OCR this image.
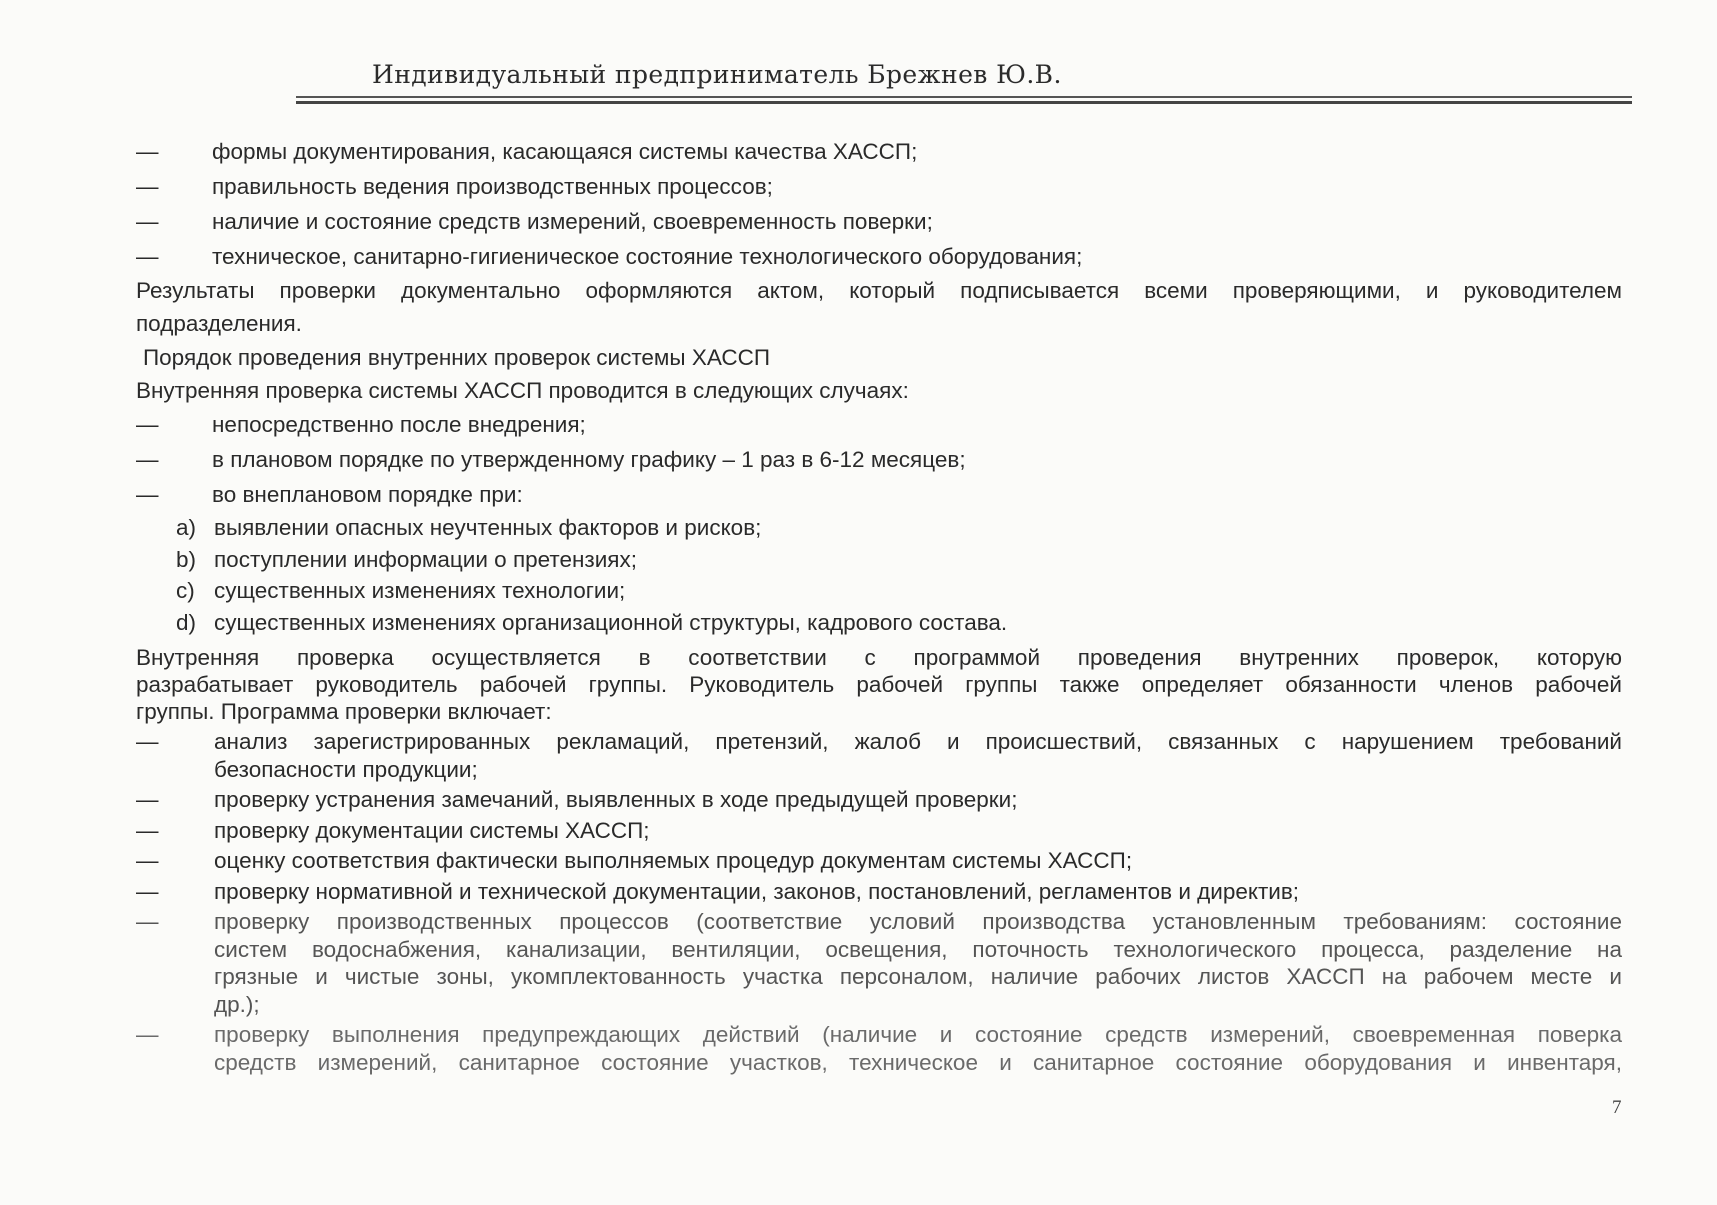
Индивидуальный предприниматель Брежнев Ю.В.
—	формы документирования, касающаяся системы качества ХАССП;
—	правильность ведения производственных процессов;
—	наличие и состояние средств измерений, своевременность поверки;
—	техническое, санитарно-гигиеническое состояние технологического оборудования;
Результаты проверки документально оформляются актом, который подписывается всеми проверяющими, и руководителем
подразделения.
Порядок проведения внутренних проверок системы ХАССП
Внутренняя проверка системы ХАССП проводится в следующих случаях:
—	непосредственно после внедрения;
—	в плановом порядке по утвержденному графику – 1 раз в 6-12 месяцев;
—	во внеплановом порядке при:
a) выявлении опасных неучтенных факторов и рисков;
b) поступлении информации о претензиях;
c) существенных изменениях технологии;
d) существенных изменениях организационной структуры, кадрового состава.
Внутренняя проверка осуществляется в соответствии с программой проведения внутренних проверок, которую
разрабатывает руководитель рабочей группы. Руководитель рабочей группы также определяет обязанности членов рабочей
группы. Программа проверки включает:
—	анализ зарегистрированных рекламаций, претензий, жалоб и происшествий, связанных с нарушением требований
безопасности продукции;
—	проверку устранения замечаний, выявленных в ходе предыдущей проверки;
—	проверку документации системы ХАССП;
—	оценку соответствия фактически выполняемых процедур документам системы ХАССП;
—	проверку нормативной и технической документации, законов, постановлений, регламентов и директив;
—	проверку производственных процессов (соответствие условий производства установленным требованиям: состояние
систем водоснабжения, канализации, вентиляции, освещения, поточность технологического процесса, разделение на
грязные и чистые зоны, укомплектованность участка персоналом, наличие рабочих листов ХАССП на рабочем месте и
др.);
—	проверку выполнения предупреждающих действий (наличие и состояние средств измерений, своевременная поверка
средств измерений, санитарное состояние участков, техническое и санитарное состояние оборудования и инвентаря,
7
